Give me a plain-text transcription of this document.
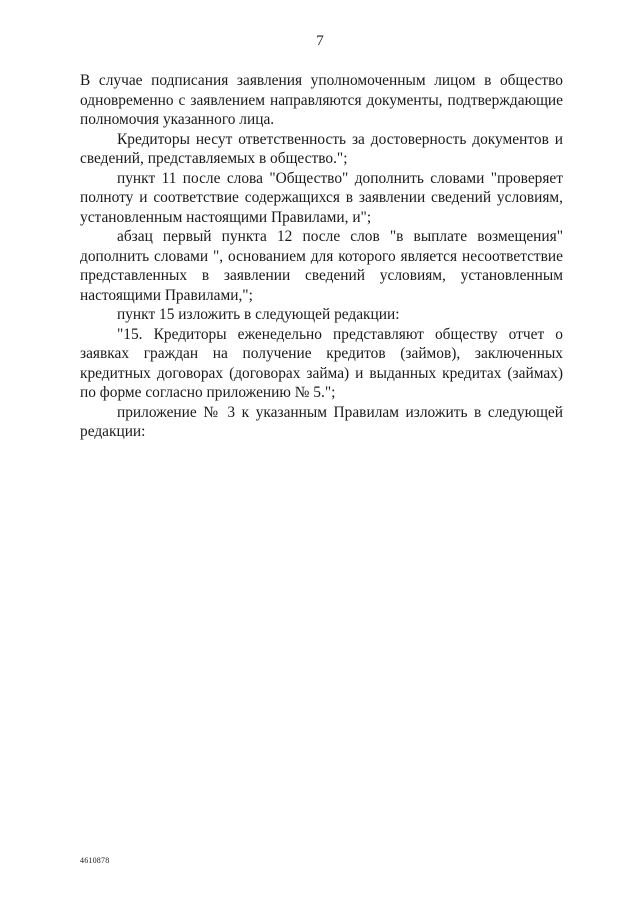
7

В случае подписания заявления уполномоченным лицом в общество одновременно с заявлением направляются документы, подтверждающие полномочия указанного лица.

Кредиторы несут ответственность за достоверность документов и сведений, представляемых в общество.";

пункт 11 после слова "Общество" дополнить словами "проверяет полноту и соответствие содержащихся в заявлении сведений условиям, установленным настоящими Правилами, и";

абзац первый пункта 12 после слов "в выплате возмещения" дополнить словами ", основанием для которого является несоответствие представленных в заявлении сведений условиям, установленным настоящими Правилами,";

пункт 15 изложить в следующей редакции:

"15. Кредиторы еженедельно представляют обществу отчет о заявках граждан на получение кредитов (займов), заключенных кредитных договорах (договорах займа) и выданных кредитах (займах) по форме согласно приложению № 5.";

приложение № 3 к указанным Правилам изложить в следующей редакции:

4610878
